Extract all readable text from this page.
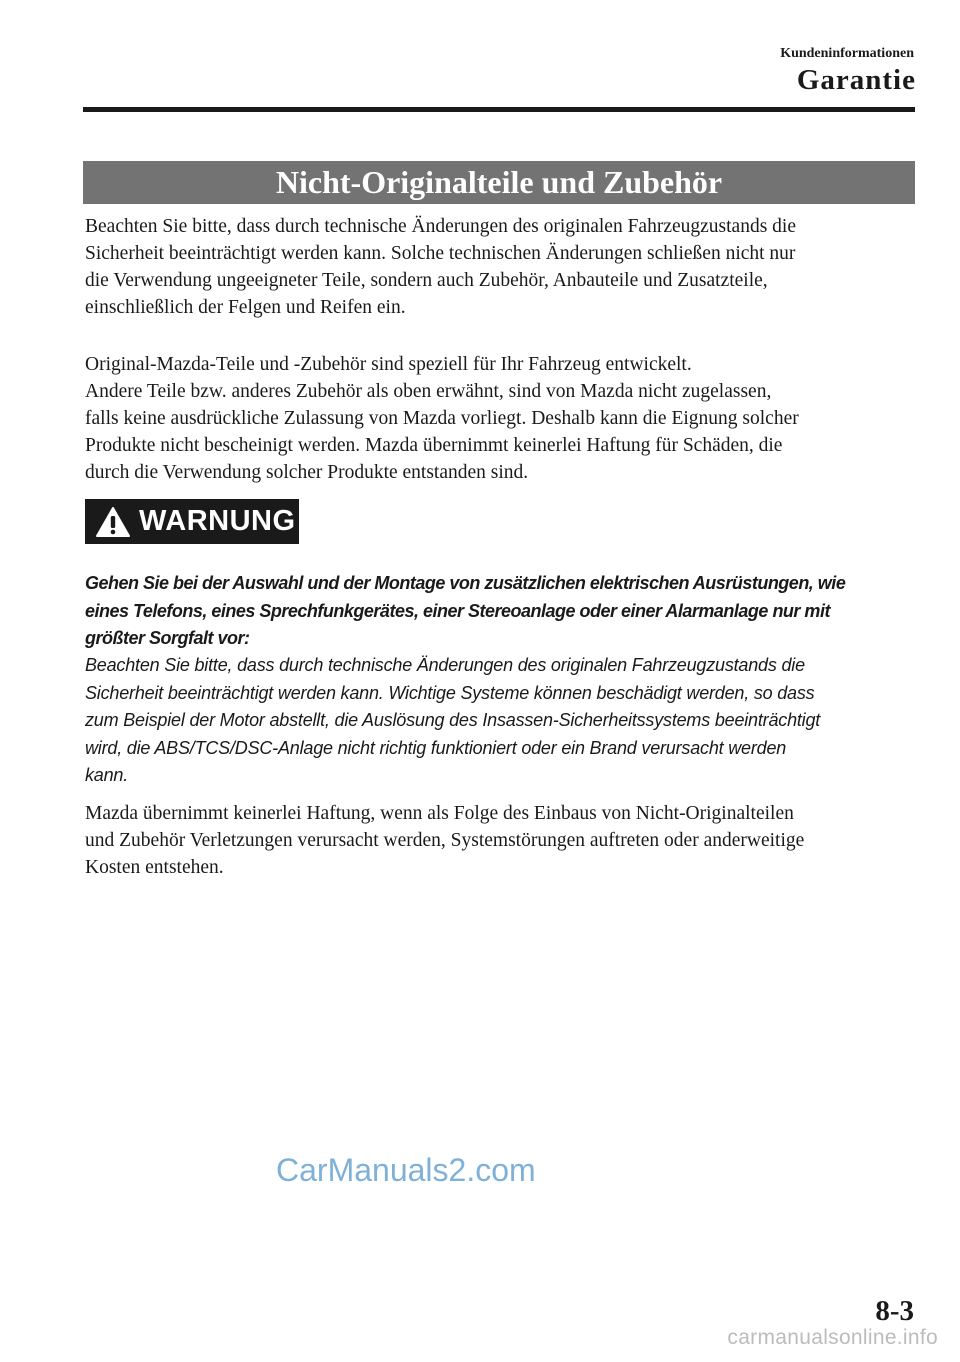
Kundeninformationen
Garantie
Nicht-Originalteile und Zubehör
Beachten Sie bitte, dass durch technische Änderungen des originalen Fahrzeugzustands die
Sicherheit beeinträchtigt werden kann. Solche technischen Änderungen schließen nicht nur
die Verwendung ungeeigneter Teile, sondern auch Zubehör, Anbauteile und Zusatzteile,
einschließlich der Felgen und Reifen ein.
Original-Mazda-Teile und -Zubehör sind speziell für Ihr Fahrzeug entwickelt.
Andere Teile bzw. anderes Zubehör als oben erwähnt, sind von Mazda nicht zugelassen,
falls keine ausdrückliche Zulassung von Mazda vorliegt. Deshalb kann die Eignung solcher
Produkte nicht bescheinigt werden. Mazda übernimmt keinerlei Haftung für Schäden, die
durch die Verwendung solcher Produkte entstanden sind.
WARNUNG
Gehen Sie bei der Auswahl und der Montage von zusätzlichen elektrischen Ausrüstungen, wie
eines Telefons, eines Sprechfunkgerätes, einer Stereoanlage oder einer Alarmanlage nur mit
größter Sorgfalt vor:
Beachten Sie bitte, dass durch technische Änderungen des originalen Fahrzeugzustands die
Sicherheit beeinträchtigt werden kann. Wichtige Systeme können beschädigt werden, so dass
zum Beispiel der Motor abstellt, die Auslösung des Insassen-Sicherheitssystems beeinträchtigt
wird, die ABS/TCS/DSC-Anlage nicht richtig funktioniert oder ein Brand verursacht werden
kann.
Mazda übernimmt keinerlei Haftung, wenn als Folge des Einbaus von Nicht-Originalteilen
und Zubehör Verletzungen verursacht werden, Systemstörungen auftreten oder anderweitige
Kosten entstehen.
CarManuals2.com
8-3
carmanualsonline.info
